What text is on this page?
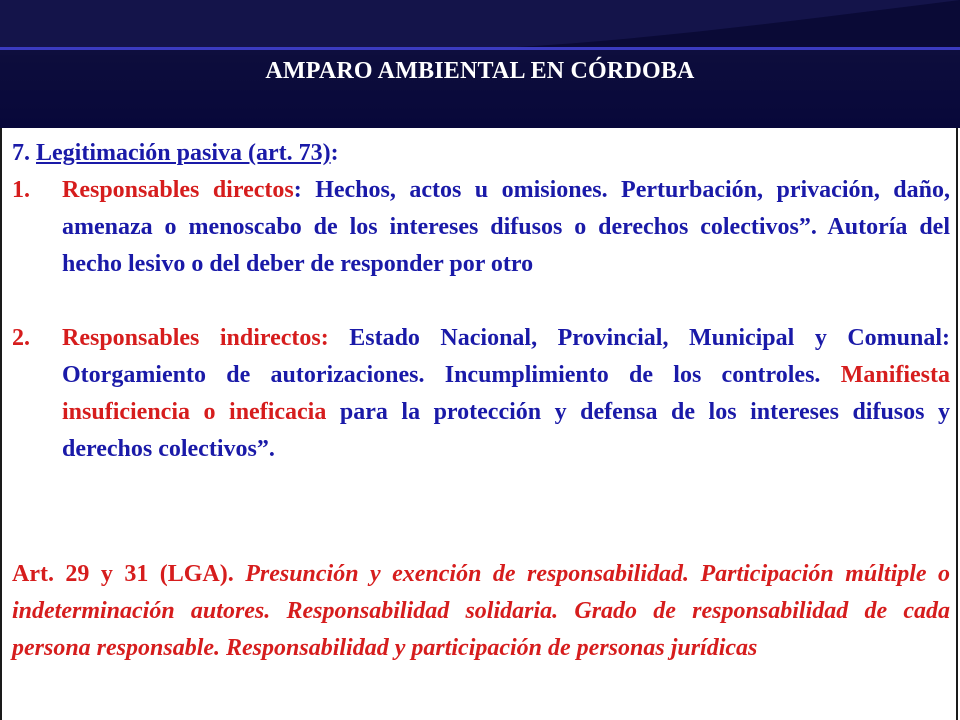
AMPARO AMBIENTAL EN CÓRDOBA
7. Legitimación pasiva (art. 73):
1.	Responsables directos: Hechos, actos u omisiones. Perturbación, privación, daño, amenaza o menoscabo de los intereses difusos o derechos colectivos”. Autoría del hecho lesivo o del deber de responder por otro
2.	Responsables indirectos: Estado Nacional, Provincial, Municipal y Comunal: Otorgamiento de autorizaciones. Incumplimiento de los controles. Manifiesta insuficiencia o ineficacia para la protección y defensa de los intereses difusos y derechos colectivos”.
Art. 29 y 31 (LGA). Presunción y exención de responsabilidad. Participación múltiple o indeterminación autores. Responsabilidad solidaria. Grado de responsabilidad de cada persona responsable. Responsabilidad y participación de personas jurídicas
